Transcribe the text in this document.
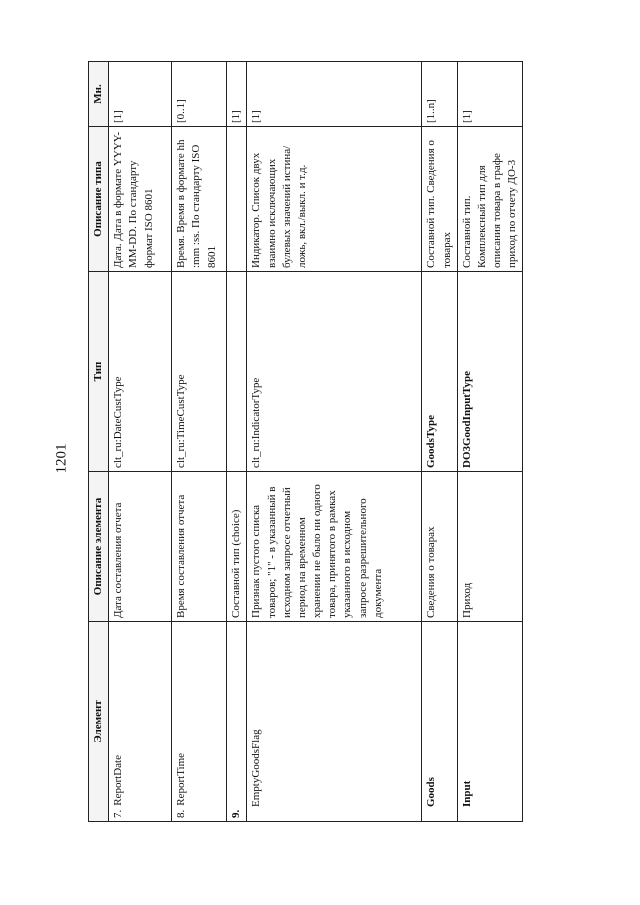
1201
Элемент	Описание элемента	Тип	Описание типа	Мн.
7.ReportDate	Дата составления отчета	clt_ru:DateCustType	Дата. Дата в формате YYYY-MM-DD. По стандарту формат ISO 8601	[1]
8.ReportTime	Время составления отчета	clt_ru:TimeCustType	Время. Время в формате hh :mm :ss. По стандарту ISO 8601	[0..1]
9.	Составной тип (choice)			[1]
EmptyGoodsFlag	Признак пустого списка товаров; "1" - в указанный в исходном запросе отчетный период на временном хранении не было ни одного товара, принятого в рамках указанного в исходном запросе разрешительного документа	clt_ru:IndicatorType	Индикатор. Список двух взаимно исключающих булевых значений истина/ложь, вкл./выкл. и т.д.	[1]
Goods	Сведения о товарах	GoodsType	Составной тип. Сведения о товарах	[1..n]
Input	Приход	DO3GoodInputType	Составной тип. Комплексный тип для описания товара в графе приход по отчету ДО-3	[1]
